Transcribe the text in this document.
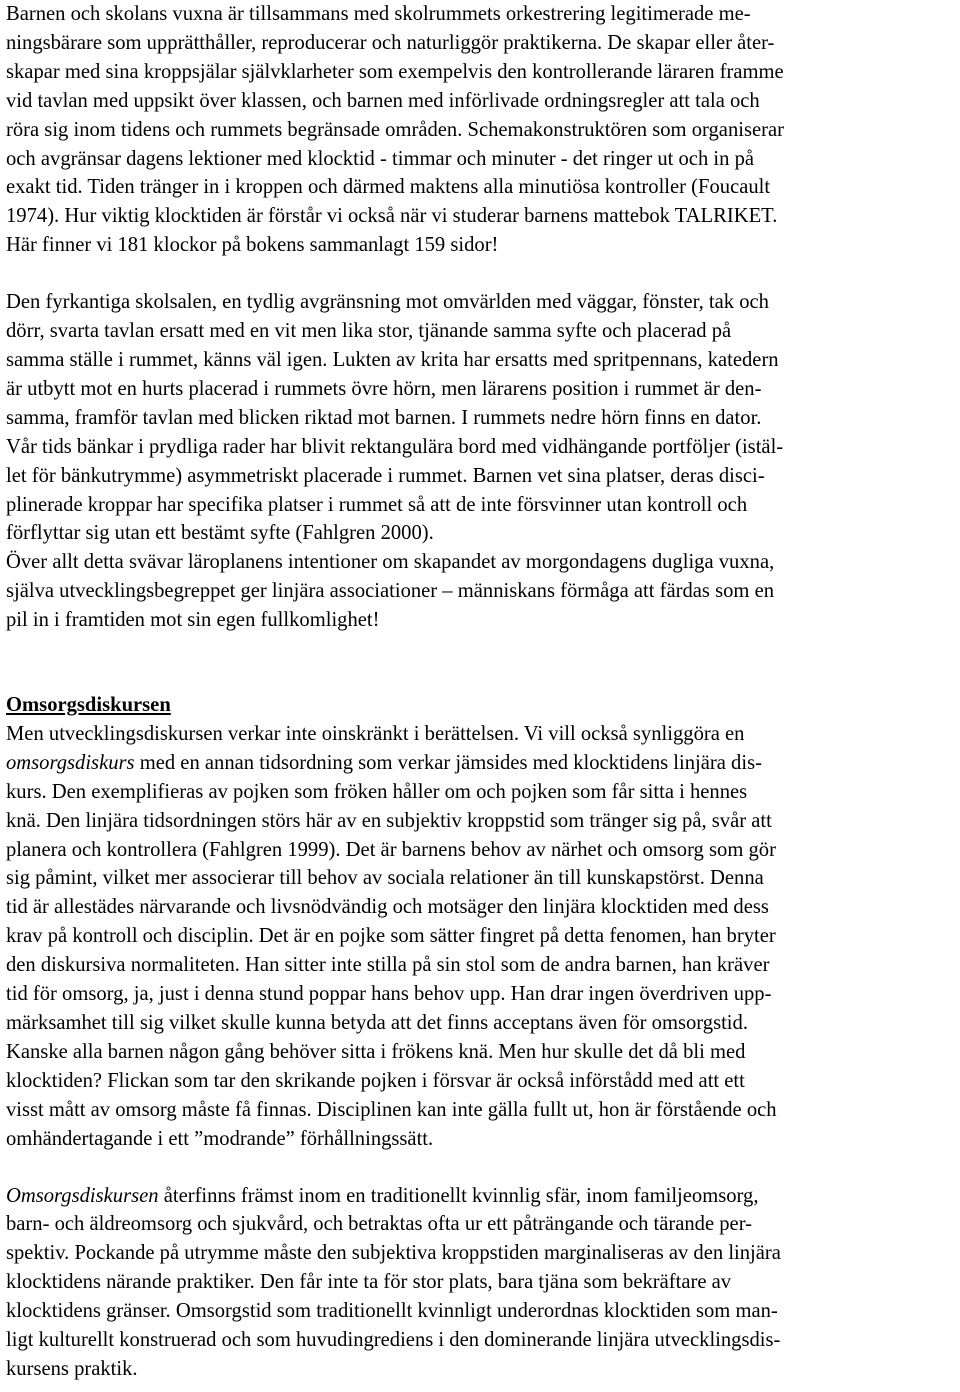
Barnen och skolans vuxna är tillsammans med skolrummets orkestrering legitimerade me-
ningsbärare som upprätthåller, reproducerar och naturliggör praktikerna. De skapar eller åter-
skapar med sina kroppsjälar självklarheter som exempelvis den kontrollerande läraren framme
vid tavlan med uppsikt över klassen, och barnen med införlivade ordningsregler att tala och
röra sig inom tidens och rummets begränsade områden. Schemakonstruktören som organiserar
och avgränsar dagens lektioner med klocktid - timmar och minuter - det ringer ut och in på
exakt tid. Tiden tränger in i kroppen och därmed maktens alla minutiösa kontroller (Foucault
1974). Hur viktig klocktiden är förstår vi också när vi studerar barnens mattebok TALRIKET.
Här finner vi 181 klockor på bokens sammanlagt 159 sidor!
Den fyrkantiga skolsalen, en tydlig avgränsning mot omvärlden med väggar, fönster, tak och
dörr, svarta tavlan ersatt med en vit men lika stor, tjänande samma syfte och placerad på
samma ställe i rummet, känns väl igen. Lukten av krita har ersatts med spritpennans, katedern
är utbytt mot en hurts placerad i rummets övre hörn, men lärarens position i rummet är den-
samma, framför tavlan med blicken riktad mot barnen. I rummets nedre hörn finns en dator.
Vår tids bänkar i prydliga rader har blivit rektangulära bord med vidhängande portföljer (istäl-
let för bänkutrymme) asymmetriskt placerade i rummet. Barnen vet sina platser, deras disci-
plinerade kroppar har specifika platser i rummet så att de inte försvinner utan kontroll och
förflyttar sig utan ett bestämt syfte (Fahlgren 2000).
Över allt detta svävar läroplanens intentioner om skapandet av morgondagens dugliga vuxna,
själva utvecklingsbegreppet ger linjära associationer – människans förmåga att färdas som en
pil in i framtiden mot sin egen fullkomlighet!
Omsorgsdiskursen
Men utvecklingsdiskursen verkar inte oinskränkt i berättelsen. Vi vill också synliggöra en
omsorgsdiskurs med en annan tidsordning som verkar jämsides med klocktidens linjära dis-
kurs. Den exemplifieras av pojken som fröken håller om och pojken som får sitta i hennes
knä. Den linjära tidsordningen störs här av en subjektiv kroppstid som tränger sig på, svår att
planera och kontrollera (Fahlgren 1999). Det är barnens behov av närhet och omsorg som gör
sig påmint, vilket mer associerar till behov av sociala relationer än till kunskapstörst. Denna
tid är allestädes närvarande och livsnödvändig och motsäger den linjära klocktiden med dess
krav på kontroll och disciplin. Det är en pojke som sätter fingret på detta fenomen, han bryter
den diskursiva normaliteten. Han sitter inte stilla på sin stol som de andra barnen, han kräver
tid för omsorg, ja, just i denna stund poppar hans behov upp. Han drar ingen överdriven upp-
märksamhet till sig vilket skulle kunna betyda att det finns acceptans även för omsorgstid.
Kanske alla barnen någon gång behöver sitta i frökens knä. Men hur skulle det då bli med
klocktiden? Flickan som tar den skrikande pojken i försvar är också införstådd med att ett
visst mått av omsorg måste få finnas. Disciplinen kan inte gälla fullt ut, hon är förstående och
omhändertagande i ett ”modrande” förhållningssätt.
Omsorgsdiskursen återfinns främst inom en traditionellt kvinnlig sfär, inom familjeomsorg,
barn- och äldreomsorg och sjukvård, och betraktas ofta ur ett påträngande och tärande per-
spektiv. Pockande på utrymme måste den subjektiva kroppstiden marginaliseras av den linjära
klocktidens närande praktiker. Den får inte ta för stor plats, bara tjäna som bekräftare av
klocktidens gränser. Omsorgstid som traditionellt kvinnligt underordnas klocktiden som man-
ligt kulturellt konstruerad och som huvudingrediens i den dominerande linjära utvecklingsdis-
kursens praktik.
